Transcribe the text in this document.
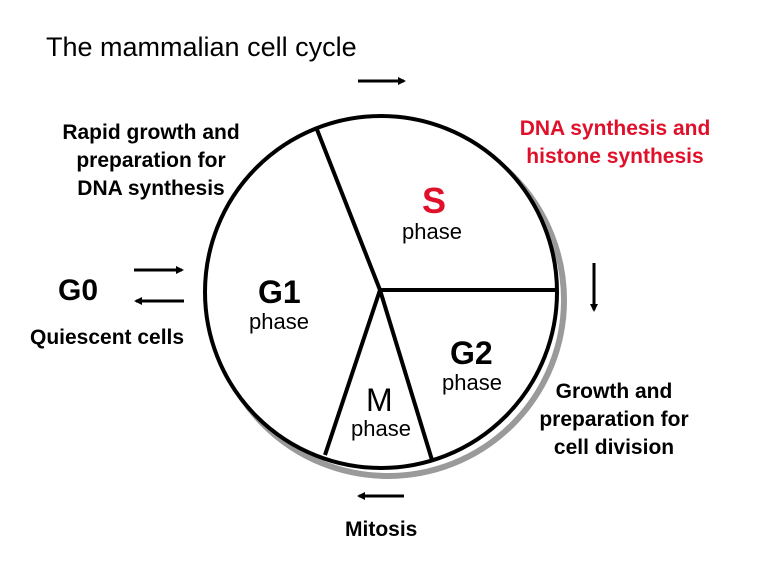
The mammalian cell cycle
S
phase
G1
phase
G2
phase
M
phase
G0
Quiescent cells
Rapid growth and
preparation for
DNA synthesis
DNA synthesis and
histone synthesis
Growth and
preparation for
cell division
Mitosis
